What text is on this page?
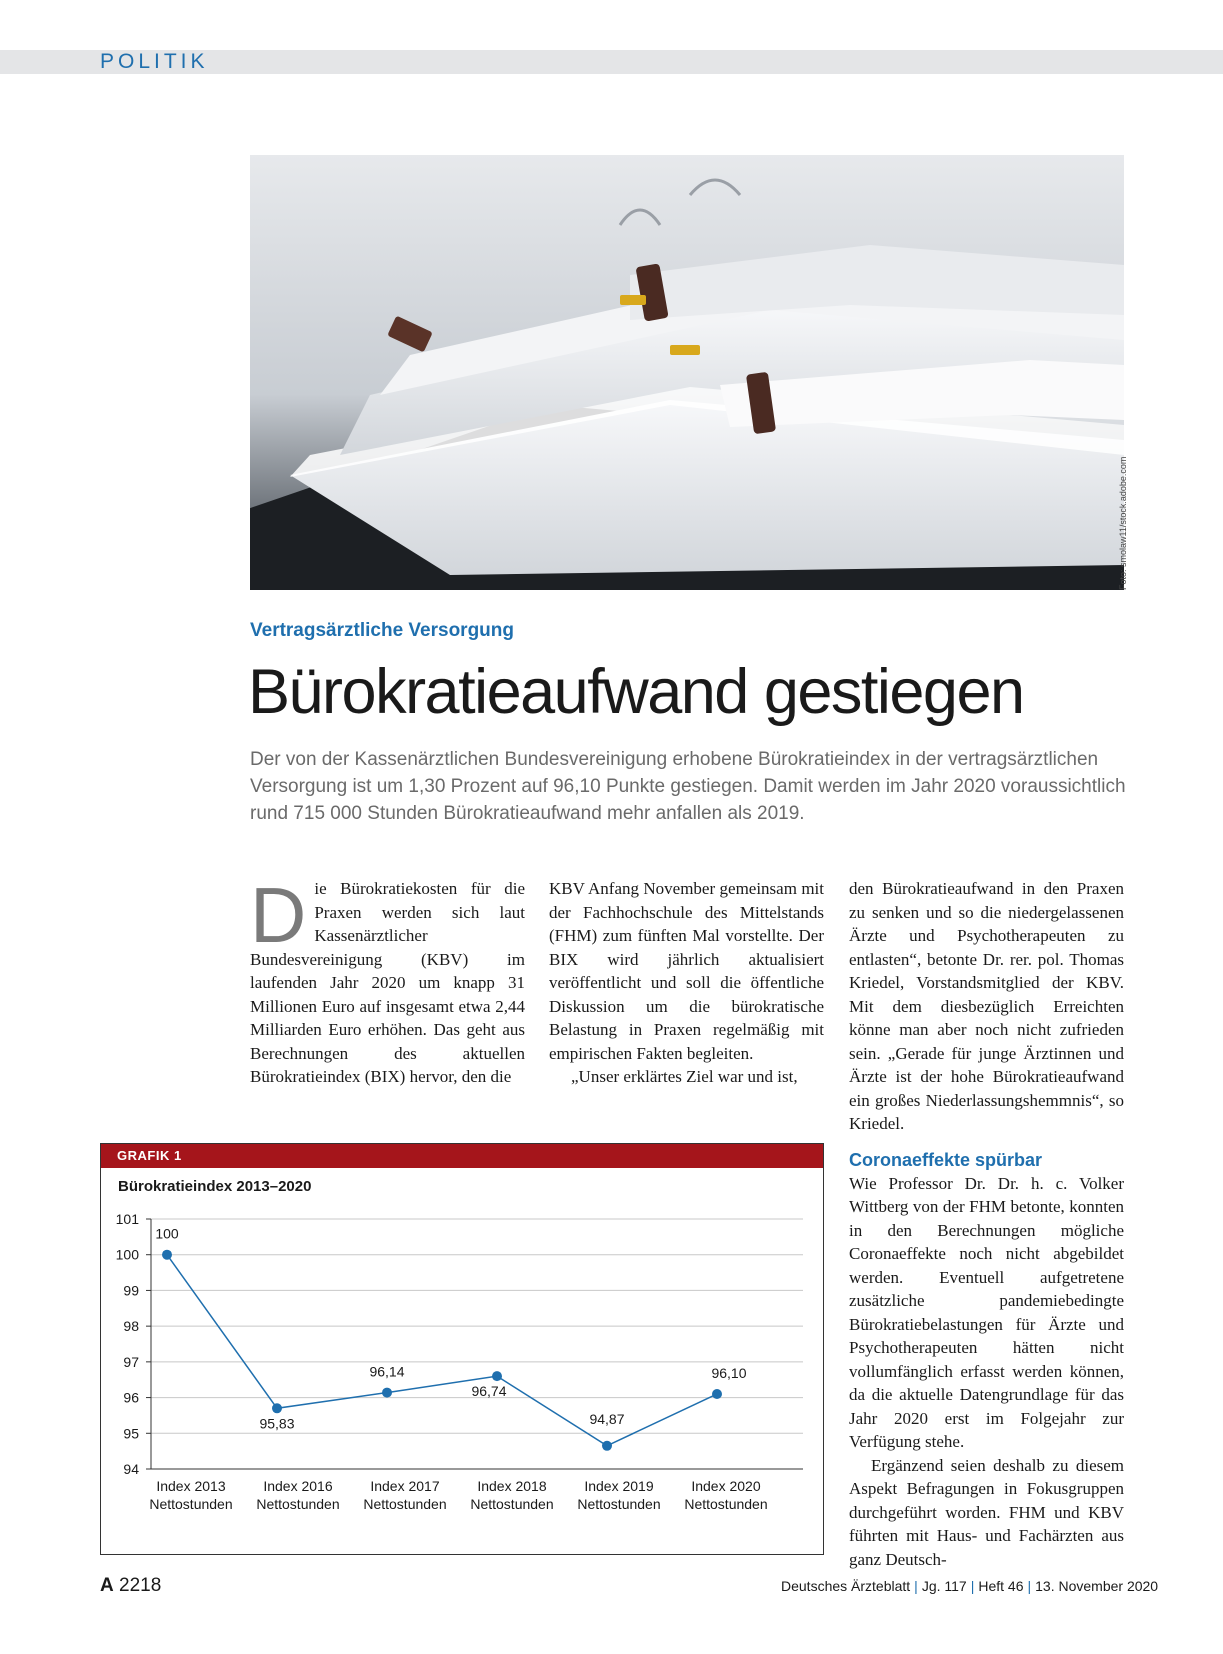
POLITIK
Foto: smolaw11/stock.adobe.com
Vertragsärztliche Versorgung
Bürokratieaufwand gestiegen
Der von der Kassenärztlichen Bundesvereinigung erhobene Bürokratieindex in der vertragsärztlichen Versorgung ist um 1,30 Prozent auf 96,10 Punkte gestiegen. Damit werden im Jahr 2020 voraussichtlich rund 715 000 Stunden Bürokratieaufwand mehr anfallen als 2019.

Die Bürokratiekosten für die Praxen werden sich laut Kassenärztlicher Bundesvereinigung (KBV) im laufenden Jahr 2020 um knapp 31 Millionen Euro auf insgesamt etwa 2,44 Milliarden Euro erhöhen. Das geht aus Berechnungen des aktuellen Bürokratieindex (BIX) hervor, den die

KBV Anfang November gemeinsam mit der Fachhochschule des Mittelstands (FHM) zum fünften Mal vorstellte. Der BIX wird jährlich aktualisiert veröffentlicht und soll die öffentliche Diskussion um die bürokratische Belastung in Praxen regelmäßig mit empirischen Fakten begleiten.

„Unser erklärtes Ziel war und ist,

den Bürokratieaufwand in den Praxen zu senken und so die niedergelassenen Ärzte und Psychotherapeuten zu entlasten“, betonte Dr. rer. pol. Thomas Kriedel, Vorstandsmitglied der KBV. Mit dem diesbezüglich Erreichten könne man aber noch nicht zufrieden sein. „Gerade für junge Ärztinnen und Ärzte ist der hohe Bürokratieaufwand ein großes Niederlassungshemmnis“, so Kriedel.

Coronaeffekte spürbar

Wie Professor Dr. Dr. h. c. Volker Wittberg von der FHM betonte, konnten in den Berechnungen mögliche Coronaeffekte noch nicht abgebildet werden. Eventuell aufgetretene zusätzliche pandemiebedingte Bürokratiebelastungen für Ärzte und Psychotherapeuten hätten nicht vollumfänglich erfasst werden können, da die aktuelle Datengrundlage für das Jahr 2020 erst im Folgejahr zur Verfügung stehe.

Ergänzend seien deshalb zu diesem Aspekt Befragungen in Fokusgruppen durchgeführt worden. FHM und KBV führten mit Haus- und Fachärzten aus ganz Deutsch-

GRAFIK 1
Bürokratieindex 2013–2020
94
95
96
97
98
99
100
101
100
95,83
96,14
96,74
94,87
96,10
Index 2013
Nettostunden
Index 2016
Nettostunden
Index 2017
Nettostunden
Index 2018
Nettostunden
Index 2019
Nettostunden
Index 2020
Nettostunden
A 2218	Deutsches Ärzteblatt | Jg. 117 | Heft 46 | 13. November 2020
